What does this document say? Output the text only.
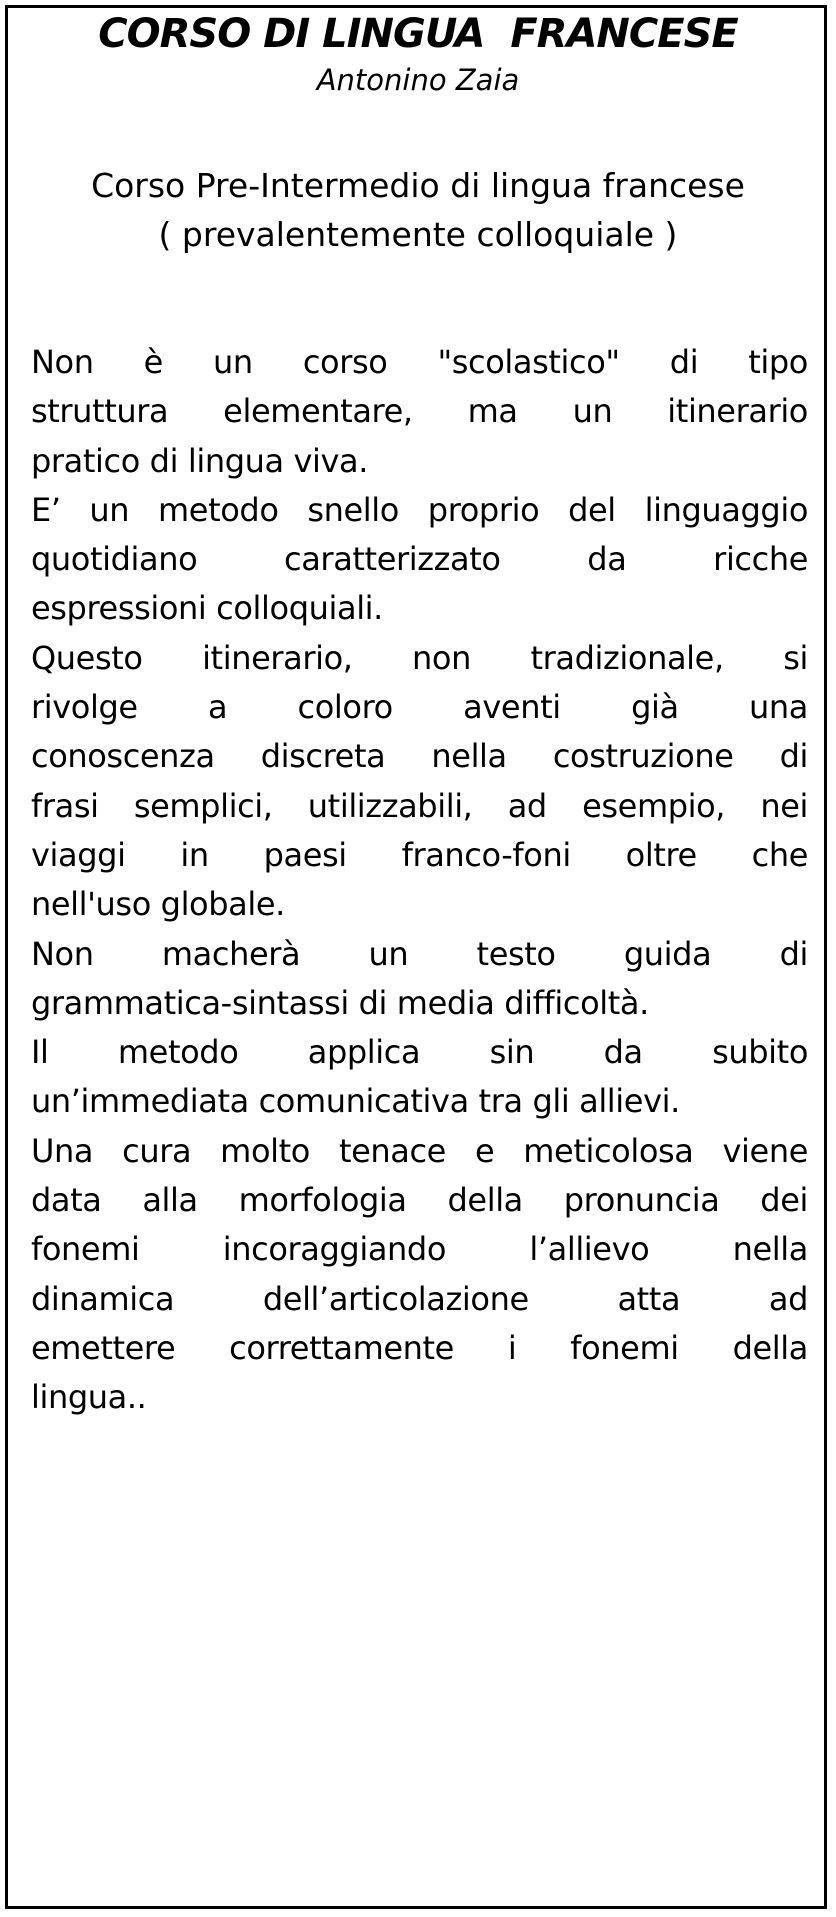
CORSO DI LINGUA  FRANCESE
Antonino Zaia
Corso Pre-Intermedio di lingua francese
( prevalentemente colloquiale )
Non è un corso "scolastico" di tipo
struttura elementare, ma un itinerario
pratico di lingua viva.
E’ un metodo snello proprio del linguaggio
quotidiano caratterizzato da ricche
espressioni colloquiali.
Questo itinerario, non tradizionale, si
rivolge a coloro aventi già una
conoscenza discreta nella costruzione di
frasi semplici, utilizzabili, ad esempio, nei
viaggi in paesi franco-foni oltre che
nell'uso globale.
Non macherà un testo guida di
grammatica-sintassi di media difficoltà.
Il metodo applica sin da subito
un’immediata comunicativa tra gli allievi.
Una cura molto tenace e meticolosa viene
data alla morfologia della pronuncia dei
fonemi incoraggiando l’allievo nella
dinamica dell’articolazione atta ad
emettere correttamente i fonemi della
lingua..
